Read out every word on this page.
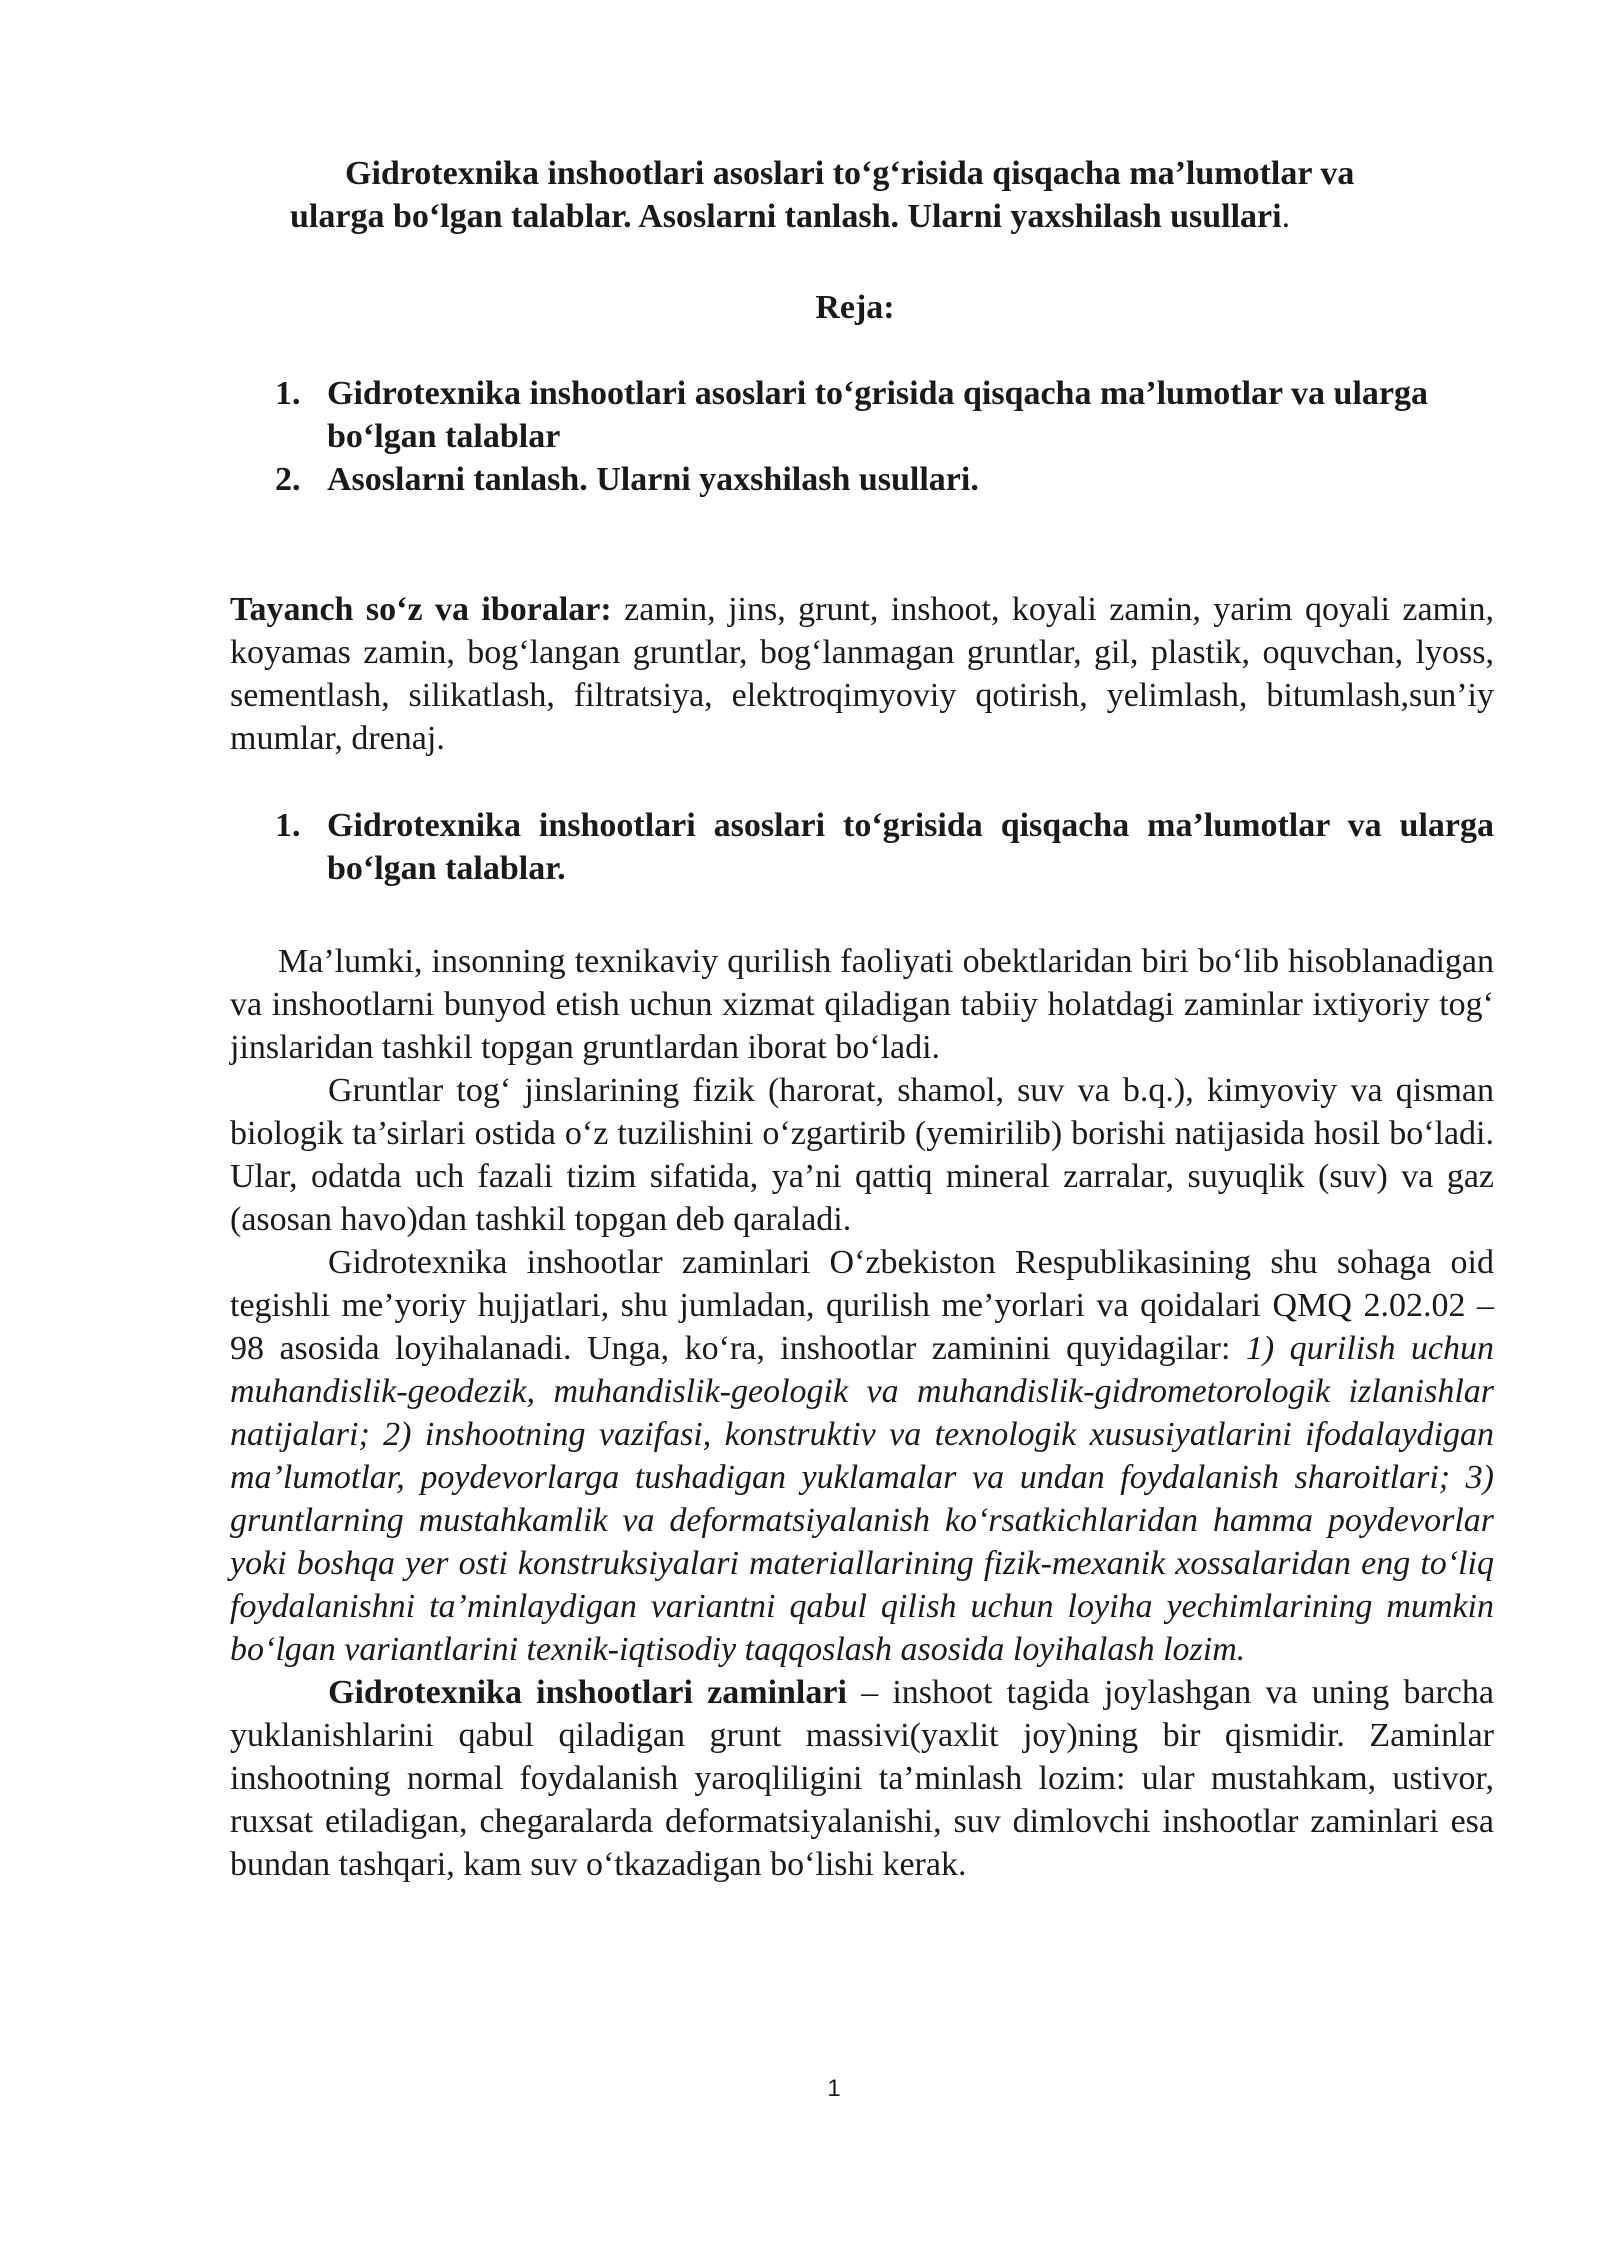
Gidrotexnika inshootlari asoslari to‘g‘risida qisqacha ma’lumotlar va
ularga bo‘lgan talablar. Asoslarni tanlash. Ularni yaxshilash usullari.
Reja:
1. Gidrotexnika inshootlari asoslari to‘grisida qisqacha ma’lumotlar va ularga bo‘lgan talablar
2. Asoslarni tanlash. Ularni yaxshilash usullari.
Tayanch so‘z va iboralar: zamin, jins, grunt, inshoot, koyali zamin, yarim qoyali zamin, koyamas zamin, bog‘langan gruntlar, bog‘lanmagan gruntlar, gil, plastik, oquvchan, lyoss, sementlash, silikatlash, filtratsiya, elektroqimyoviy qotirish, yelimlash, bitumlash,sun’iy mumlar, drenaj.
1. Gidrotexnika inshootlari asoslari to‘grisida qisqacha ma’lumotlar va ularga bo‘lgan talablar.

Ma’lumki, insonning texnikaviy qurilish faoliyati obektlaridan biri bo‘lib hisoblanadigan va inshootlarni bunyod etish uchun xizmat qiladigan tabiiy holatdagi zaminlar ixtiyoriy tog‘ jinslaridan tashkil topgan gruntlardan iborat bo‘ladi.

Gruntlar tog‘ jinslarining fizik (harorat, shamol, suv va b.q.), kimyoviy va qisman biologik ta’sirlari ostida o‘z tuzilishini o‘zgartirib (yemirilib) borishi natijasida hosil bo‘ladi. Ular, odatda uch fazali tizim sifatida, ya’ni qattiq mineral zarralar, suyuqlik (suv) va gaz (asosan havo)dan tashkil topgan deb qaraladi.

Gidrotexnika inshootlar zaminlari O‘zbekiston Respublikasining shu sohaga oid tegishli me’yoriy hujjatlari, shu jumladan, qurilish me’yorlari va qoidalari QMQ 2.02.02 – 98 asosida loyihalanadi. Unga, ko‘ra, inshootlar zaminini quyidagilar: 1) qurilish uchun muhandislik-geodezik, muhandislik-geologik va muhandislik-gidrometorologik izlanishlar natijalari; 2) inshootning vazifasi, konstruktiv va texnologik xususiyatlarini ifodalaydigan ma’lumotlar, poydevorlarga tushadigan yuklamalar va undan foydalanish sharoitlari; 3) gruntlarning mustahkamlik va deformatsiyalanish ko‘rsatkichlaridan hamma poydevorlar yoki boshqa yer osti konstruksiyalari materiallarining fizik-mexanik xossalaridan eng to‘liq foydalanishni ta’minlaydigan variantni qabul qilish uchun loyiha yechimlarining mumkin bo‘lgan variantlarini texnik-iqtisodiy taqqoslash asosida loyihalash lozim.

Gidrotexnika inshootlari zaminlari – inshoot tagida joylashgan va uning barcha yuklanishlarini qabul qiladigan grunt massivi(yaxlit joy)ning bir qismidir. Zaminlar inshootning normal foydalanish yaroqliligini ta’minlash lozim: ular mustahkam, ustivor, ruxsat etiladigan, chegaralarda deformatsiyalanishi, suv dimlovchi inshootlar zaminlari esa bundan tashqari, kam suv o‘tkazadigan bo‘lishi kerak.

1
